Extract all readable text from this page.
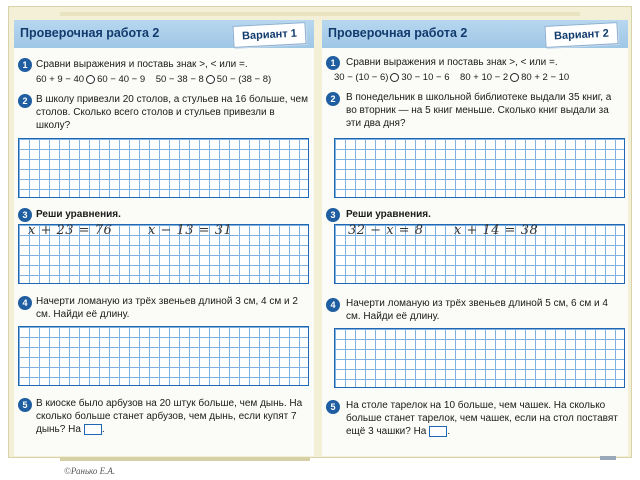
Проверочная работа 2	Вариант 1
1 Сравни выражения и поставь знак >, < или =.
60 + 9 − 40 60 − 40 − 9 50 − 38 − 8 50 − (38 − 8)
2 В школу привезли 20 столов, а стульев на 16 больше, чем столов. Сколько всего столов и стульев привезли в школу?
3 Реши уравнения.
x + 23 = 76	x − 13 = 31
4 Начерти ломаную из трёх звеньев длиной 3 см, 4 см и 2 см. Найди её длину.
5 В киоске было арбузов на 20 штук больше, чем дынь. На сколько больше станет арбузов, чем дынь, если купят 7 дынь? На .
Проверочная работа 2	Вариант 2
1	Сравни выражения и поставь знак >, < или =.
30 − (10 − 6) 30 − 10 − 6 80 + 10 − 2 80 + 2 − 10
2	В понедельник в школьной библиотеке выдали 35 книг, а во вторник — на 5 книг меньше. Сколько книг выдали за эти два дня?
3	Реши уравнения.
32 − x = 8 x + 14 = 38
4	Начерти ломаную из трёх звеньев длиной 5 см, 6 см и 4 см. Найди её длину.
5	На столе тарелок на 10 больше, чем чашек. На сколько больше станет тарелок, чем чашек, если на стол поставят ещё 3 чашки? На .
©Ранько Е.А.
